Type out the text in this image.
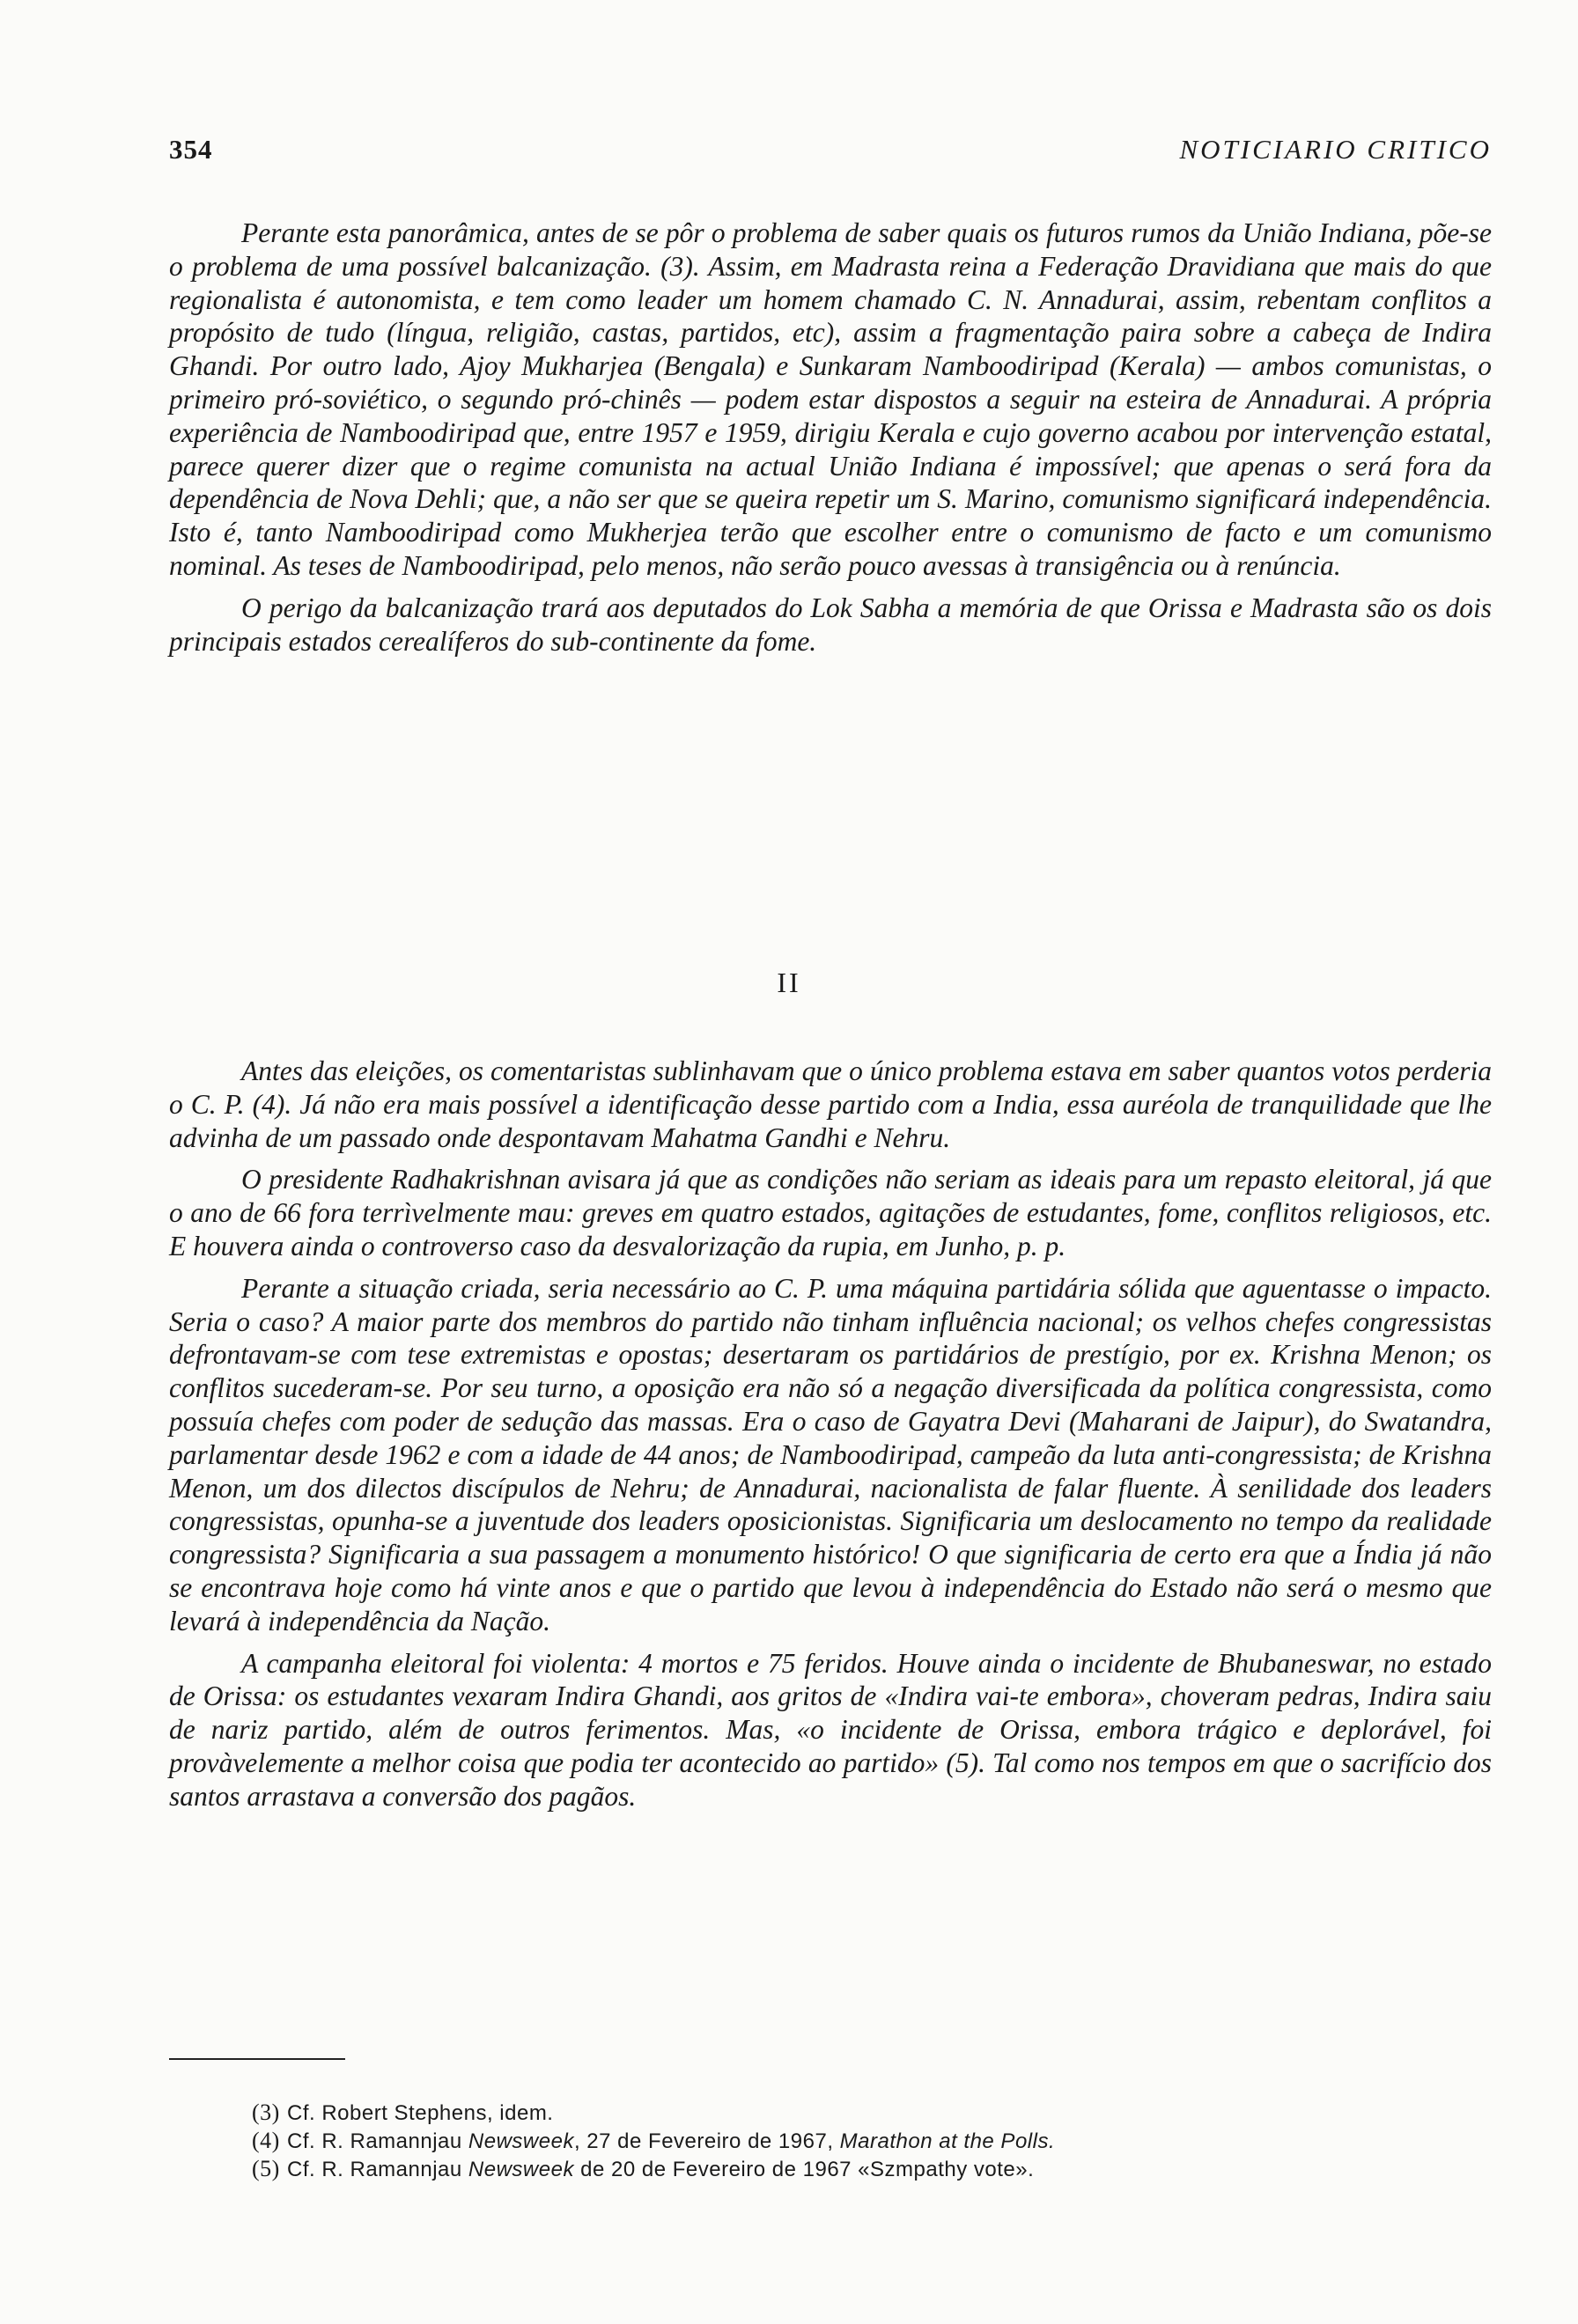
354	NOTICIARIO CRITICO

Perante esta panorâmica, antes de se pôr o problema de saber quais os futuros rumos da União Indiana, põe-se o problema de uma possível balcanização. (3). Assim, em Madrasta reina a Federação Dravidiana que mais do que regionalista é autonomista, e tem como leader um homem chamado C. N. Annadurai, assim, rebentam conflitos a propósito de tudo (língua, religião, castas, partidos, etc), assim a fragmentação paira sobre a cabeça de Indira Ghandi. Por outro lado, Ajoy Mukharjea (Bengala) e Sunkaram Namboodiripad (Kerala) — ambos comunistas, o primeiro pró-soviético, o segundo pró-chinês — podem estar dispostos a seguir na esteira de Annadurai. A própria experiência de Namboodiripad que, entre 1957 e 1959, dirigiu Kerala e cujo governo acabou por intervenção estatal, parece querer dizer que o regime comunista na actual União Indiana é impossível; que apenas o será fora da dependência de Nova Dehli; que, a não ser que se queira repetir um S. Marino, comunismo significará independência. Isto é, tanto Namboodiripad como Mukherjea terão que escolher entre o comunismo de facto e um comunismo nominal. As teses de Namboodiripad, pelo menos, não serão pouco avessas à transigência ou à renúncia.

O perigo da balcanização trará aos deputados do Lok Sabha a memória de que Orissa e Madrasta são os dois principais estados cerealíferos do sub-continente da fome.

II

Antes das eleições, os comentaristas sublinhavam que o único problema estava em saber quantos votos perderia o C. P. (4). Já não era mais possível a identificação desse partido com a India, essa auréola de tranquilidade que lhe advinha de um passado onde despontavam Mahatma Gandhi e Nehru.

O presidente Radhakrishnan avisara já que as condições não seriam as ideais para um repasto eleitoral, já que o ano de 66 fora terrìvelmente mau: greves em quatro estados, agitações de estudantes, fome, conflitos religiosos, etc. E houvera ainda o controverso caso da desvalorização da rupia, em Junho, p. p.

Perante a situação criada, seria necessário ao C. P. uma máquina partidária sólida que aguentasse o impacto. Seria o caso? A maior parte dos membros do partido não tinham influência nacional; os velhos chefes congressistas defrontavam-se com tese extremistas e opostas; desertaram os partidários de prestígio, por ex. Krishna Menon; os conflitos sucederam-se. Por seu turno, a oposição era não só a negação diversificada da política congressista, como possuía chefes com poder de sedução das massas. Era o caso de Gayatra Devi (Maharani de Jaipur), do Swatandra, parlamentar desde 1962 e com a idade de 44 anos; de Namboodiripad, campeão da luta anti-congressista; de Krishna Menon, um dos dilectos discípulos de Nehru; de Annadurai, nacionalista de falar fluente. À senilidade dos leaders congressistas, opunha-se a juventude dos leaders oposicionistas. Significaria um deslocamento no tempo da realidade congressista? Significaria a sua passagem a monumento histórico! O que significaria de certo era que a Índia já não se encontrava hoje como há vinte anos e que o partido que levou à independência do Estado não será o mesmo que levará à independência da Nação.

A campanha eleitoral foi violenta: 4 mortos e 75 feridos. Houve ainda o incidente de Bhubaneswar, no estado de Orissa: os estudantes vexaram Indira Ghandi, aos gritos de «Indira vai-te embora», choveram pedras, Indira saiu de nariz partido, além de outros ferimentos. Mas, «o incidente de Orissa, embora trágico e deplorável, foi provàvelemente a melhor coisa que podia ter acontecido ao partido» (5). Tal como nos tempos em que o sacrifício dos santos arrastava a conversão dos pagãos.

(3) Cf. Robert Stephens, idem.
(4) Cf. R. Ramannjau Newsweek, 27 de Fevereiro de 1967, Marathon at the Polls.
(5) Cf. R. Ramannjau Newsweek de 20 de Fevereiro de 1967 «Szmpathy vote».
